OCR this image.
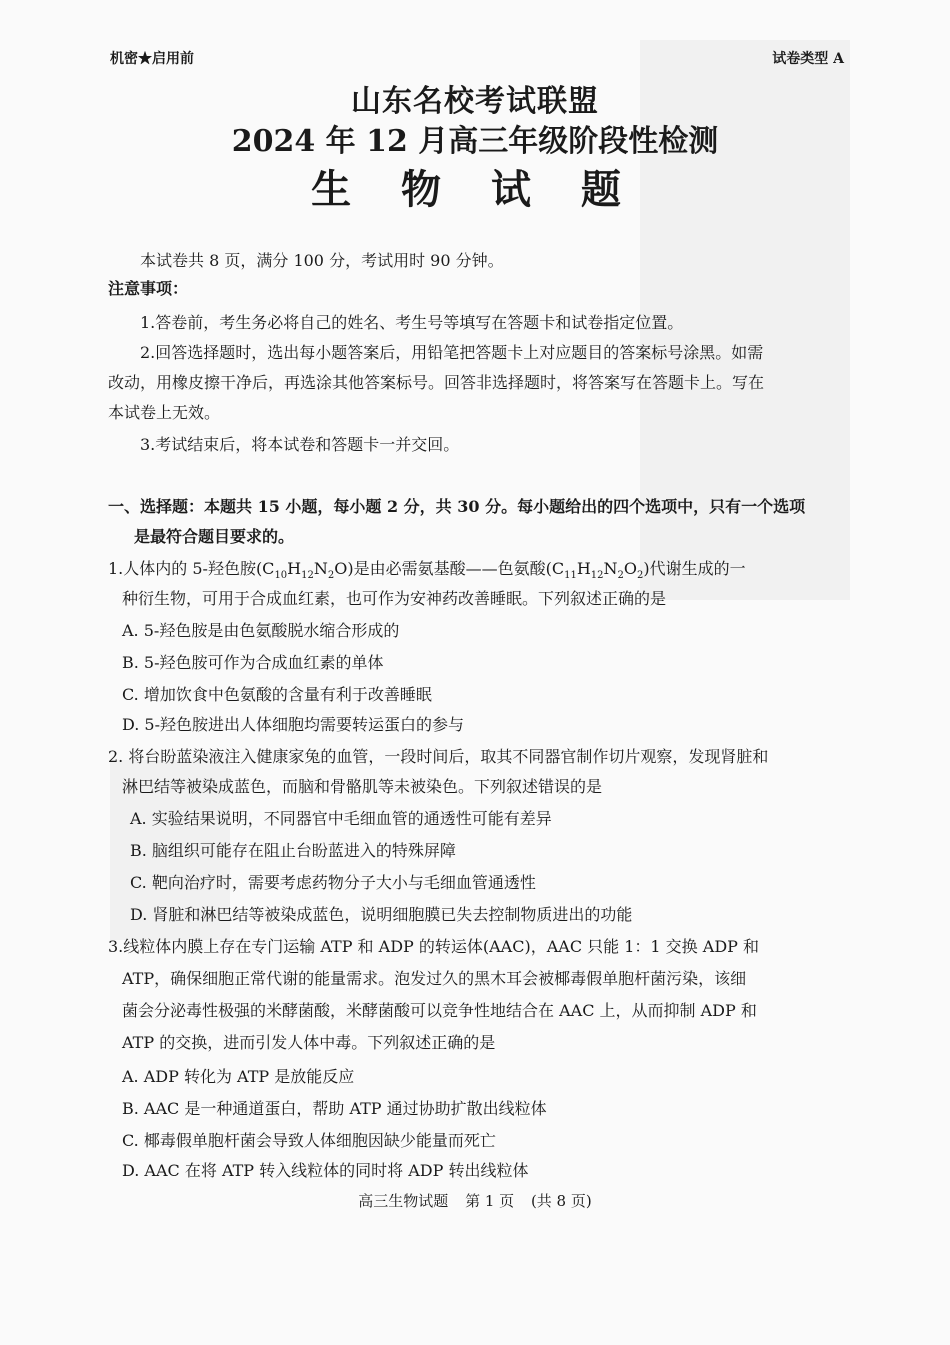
机密★启用前	试卷类型 A
山东名校考试联盟
2024 年 12 月高三年级阶段性检测
生 物 试 题
本试卷共 8 页，满分 100 分，考试用时 90 分钟。
注意事项：
1.答卷前，考生务必将自己的姓名、考生号等填写在答题卡和试卷指定位置。
2.回答选择题时，选出每小题答案后，用铅笔把答题卡上对应题目的答案标号涂黑。如需
改动，用橡皮擦干净后，再选涂其他答案标号。回答非选择题时，将答案写在答题卡上。写在
本试卷上无效。
3.考试结束后，将本试卷和答题卡一并交回。
一、选择题：本题共 15 小题，每小题 2 分，共 30 分。每小题给出的四个选项中，只有一个选项
是最符合题目要求的。
1.人体内的 5-羟色胺$(C_{10}H_{12}N_2O)$是由必需氨基酸——色氨酸$(C_{11}H_{12}N_2O_2)$代谢生成的一
种衍生物，可用于合成血红素，也可作为安神药改善睡眠。下列叙述正确的是
A. 5-羟色胺是由色氨酸脱水缩合形成的
B. 5-羟色胺可作为合成血红素的单体
C. 增加饮食中色氨酸的含量有利于改善睡眠
D. 5-羟色胺进出人体细胞均需要转运蛋白的参与
2. 将台盼蓝染液注入健康家兔的血管，一段时间后，取其不同器官制作切片观察，发现肾脏和
淋巴结等被染成蓝色，而脑和骨骼肌等未被染色。下列叙述错误的是
A. 实验结果说明，不同器官中毛细血管的通透性可能有差异
B. 脑组织可能存在阻止台盼蓝进入的特殊屏障
C. 靶向治疗时，需要考虑药物分子大小与毛细血管通透性
D. 肾脏和淋巴结等被染成蓝色，说明细胞膜已失去控制物质进出的功能
3.线粒体内膜上存在专门运输 ATP 和 ADP 的转运体(AAC)，AAC 只能 1：1 交换 ADP 和
ATP，确保细胞正常代谢的能量需求。泡发过久的黑木耳会被椰毒假单胞杆菌污染，该细
菌会分泌毒性极强的米酵菌酸，米酵菌酸可以竞争性地结合在 AAC 上，从而抑制 ADP 和
ATP 的交换，进而引发人体中毒。下列叙述正确的是
A. ADP 转化为 ATP 是放能反应
B. AAC 是一种通道蛋白，帮助 ATP 通过协助扩散出线粒体
C. 椰毒假单胞杆菌会导致人体细胞因缺少能量而死亡
D. AAC 在将 ATP 转入线粒体的同时将 ADP 转出线粒体
高三生物试题 第 1 页 (共 8 页)
